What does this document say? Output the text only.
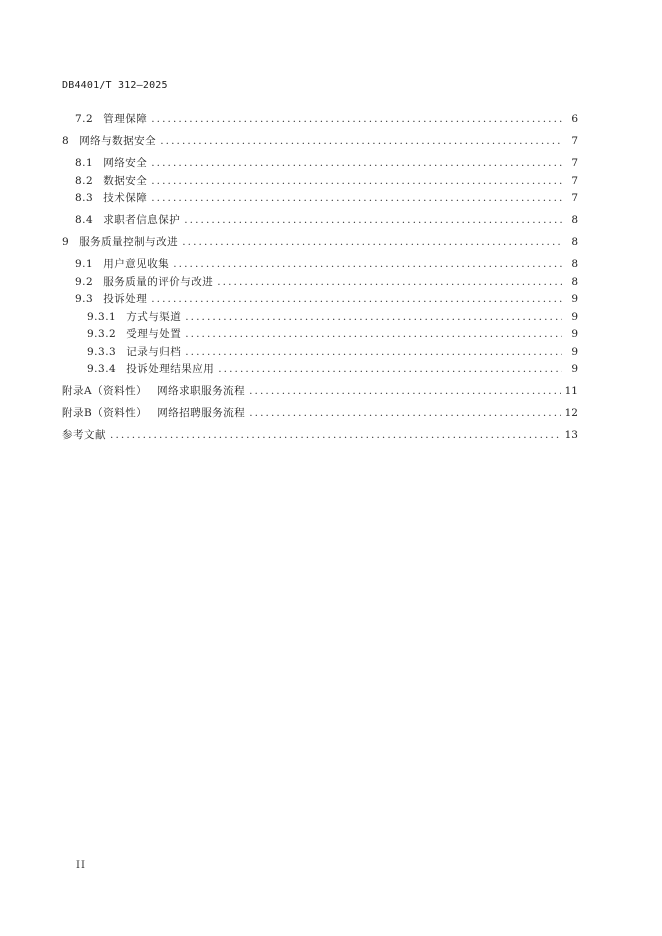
DB4401/T 312—2025
7.2 管理保障 .....	6
8 网络与数据安全 .....	7
8.1 网络安全 .....	7
8.2 数据安全 .....	7
8.3 技术保障 .....	7
8.4 求职者信息保护 .....	8
9 服务质量控制与改进 .....	8
9.1 用户意见收集 .....	8
9.2 服务质量的评价与改进 .....	8
9.3 投诉处理 .....	9
9.3.1 方式与渠道 .....	9
9.3.2 受理与处置 .....	9
9.3.3 记录与归档 .....	9
9.3.4 投诉处理结果应用 .....	9
附录A（资料性） 网络求职服务流程 .....	11
附录B（资料性） 网络招聘服务流程 .....	12
参考文献 .....	13
II
